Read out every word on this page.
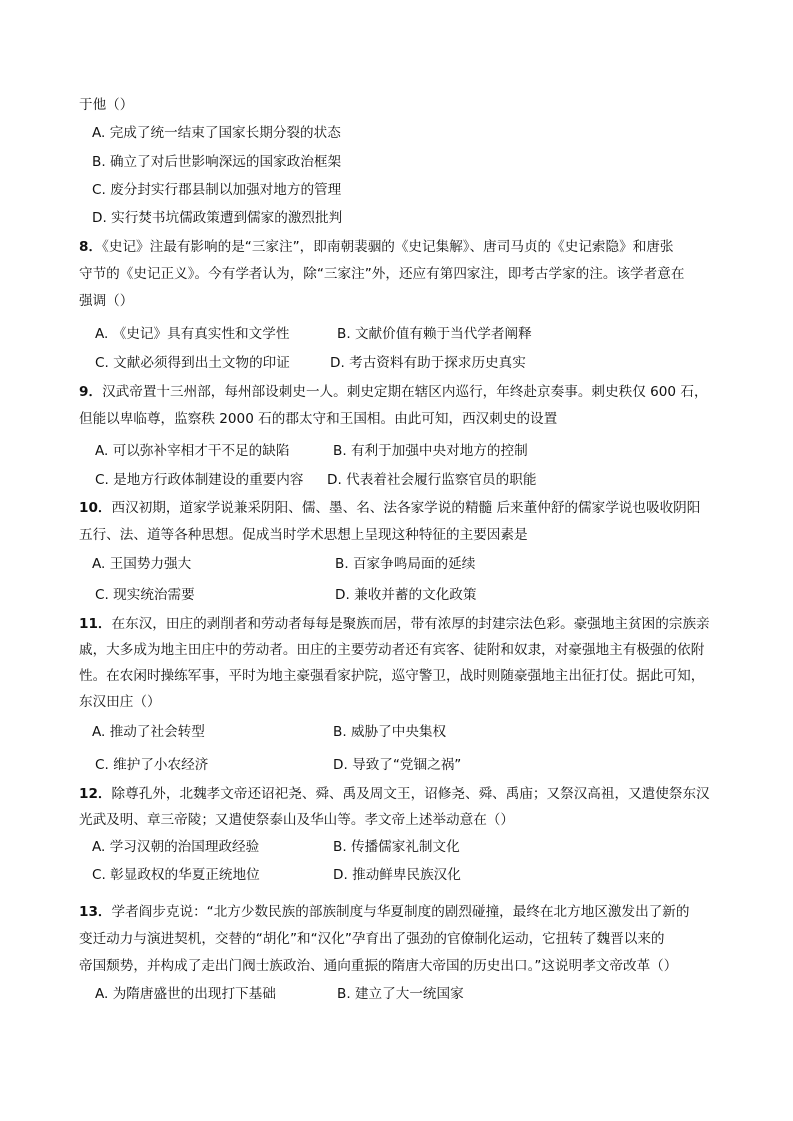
于他（）
A. 完成了统一结束了国家长期分裂的状态
B. 确立了对后世影响深远的国家政治框架
C. 废分封实行郡县制以加强对地方的管理
D. 实行焚书坑儒政策遭到儒家的激烈批判
8．《史记》注最有影响的是“三家注”，即南朝裴骃的《史记集解》、唐司马贞的《史记索隐》和唐张
守节的《史记正义》。今有学者认为，除“三家注”外，还应有第四家注，即考古学家的注。该学者意在
强调（）
A. 《史记》具有真实性和文学性	B. 文献价值有赖于当代学者阐释
C. 文献必须得到出土文物的印证	D. 考古资料有助于探求历史真实
9．汉武帝置十三州部，每州部设刺史一人。刺史定期在辖区内巡行，年终赴京奏事。刺史秩仅 600 石，
但能以卑临尊，监察秩 2000 石的郡太守和王国相。由此可知，西汉刺史的设置
A. 可以弥补宰相才干不足的缺陷	B. 有利于加强中央对地方的控制
C. 是地方行政体制建设的重要内容 D. 代表着社会履行监察官员的职能
10．西汉初期，道家学说兼采阴阳、儒、墨、名、法各家学说的精髓 后来董仲舒的儒家学说也吸收阴阳
五行、法、道等各种思想。促成当时学术思想上呈现这种特征的主要因素是
A. 王国势力强大	B. 百家争鸣局面的延续
C. 现实统治需要	D. 兼收并蓄的文化政策
11．在东汉，田庄的剥削者和劳动者每每是聚族而居，带有浓厚的封建宗法色彩。豪强地主贫困的宗族亲
戚，大多成为地主田庄中的劳动者。田庄的主要劳动者还有宾客、徒附和奴隶，对豪强地主有极强的依附
性。在农闲时操练军事，平时为地主豪强看家护院，巡守警卫，战时则随豪强地主出征打仗。据此可知，
东汉田庄（）
A. 推动了社会转型	B. 威胁了中央集权
C. 维护了小农经济	D. 导致了“党锢之祸”
12．除尊孔外，北魏孝文帝还诏祀尧、舜、禹及周文王，诏修尧、舜、禹庙；又祭汉高祖，又遣使祭东汉
光武及明、章三帝陵；又遣使祭泰山及华山等。孝文帝上述举动意在（）
A. 学习汉朝的治国理政经验	B. 传播儒家礼制文化
C. 彰显政权的华夏正统地位	D. 推动鲜卑民族汉化
13．学者阎步克说：“北方少数民族的部族制度与华夏制度的剧烈碰撞，最终在北方地区激发出了新的
变迁动力与演进契机，交替的“胡化”和“汉化”孕育出了强劲的官僚制化运动，它扭转了魏晋以来的
帝国颓势，并构成了走出门阀士族政治、通向重振的隋唐大帝国的历史出口。”这说明孝文帝改革（）
A. 为隋唐盛世的出现打下基础	B. 建立了大一统国家
